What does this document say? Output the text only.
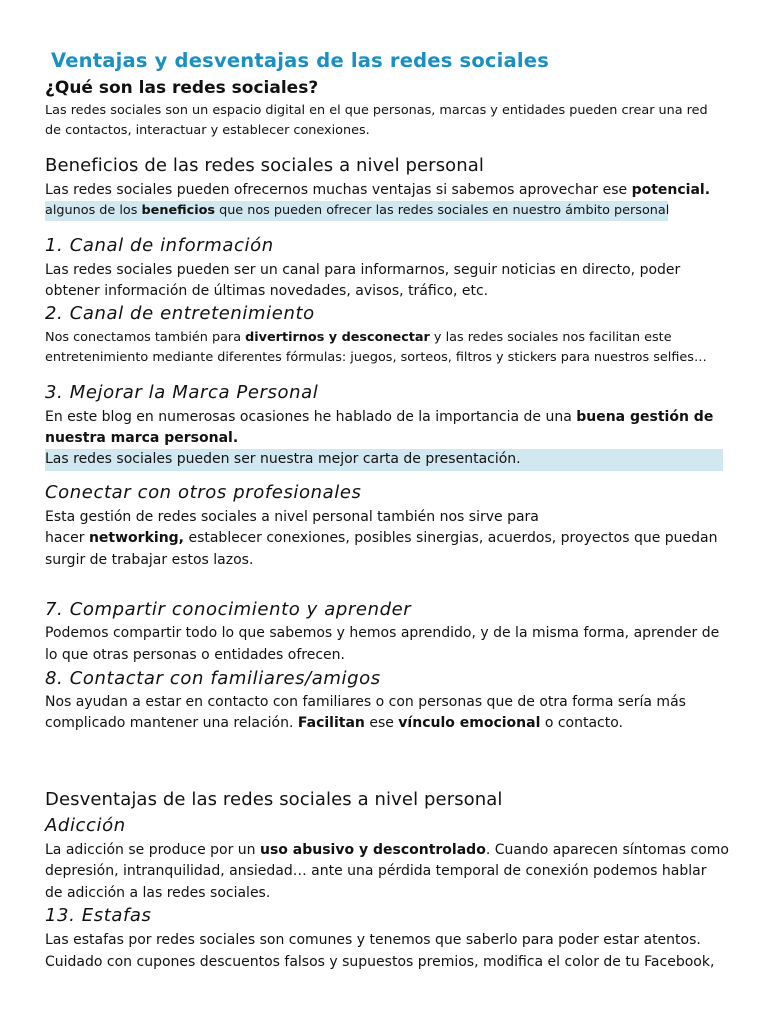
Ventajas y desventajas de las redes sociales
¿Qué son las redes sociales?
Las redes sociales son un espacio digital en el que personas, marcas y entidades pueden crear una red
de contactos, interactuar y establecer conexiones.
Beneficios de las redes sociales a nivel personal
Las redes sociales pueden ofrecernos muchas ventajas si sabemos aprovechar ese potencial.
algunos de los beneficios que nos pueden ofrecer las redes sociales en nuestro ámbito personal
1. Canal de información
Las redes sociales pueden ser un canal para informarnos, seguir noticias en directo, poder
obtener información de últimas novedades, avisos, tráfico, etc.
2. Canal de entretenimiento
Nos conectamos también para divertirnos y desconectar y las redes sociales nos facilitan este
entretenimiento mediante diferentes fórmulas: juegos, sorteos, filtros y stickers para nuestros selfies…
3. Mejorar la Marca Personal
En este blog en numerosas ocasiones he hablado de la importancia de una buena gestión de
nuestra marca personal.
Las redes sociales pueden ser nuestra mejor carta de presentación.
Conectar con otros profesionales
Esta gestión de redes sociales a nivel personal también nos sirve para
hacer networking, establecer conexiones, posibles sinergias, acuerdos, proyectos que puedan
surgir de trabajar estos lazos.
7. Compartir conocimiento y aprender
Podemos compartir todo lo que sabemos y hemos aprendido, y de la misma forma, aprender de
lo que otras personas o entidades ofrecen.
8. Contactar con familiares/amigos
Nos ayudan a estar en contacto con familiares o con personas que de otra forma sería más
complicado mantener una relación. Facilitan ese vínculo emocional o contacto.
Desventajas de las redes sociales a nivel personal
Adicción
La adicción se produce por un uso abusivo y descontrolado. Cuando aparecen síntomas como
depresión, intranquilidad, ansiedad… ante una pérdida temporal de conexión podemos hablar
de adicción a las redes sociales.
13. Estafas
Las estafas por redes sociales son comunes y tenemos que saberlo para poder estar atentos.
Cuidado con cupones descuentos falsos y supuestos premios, modifica el color de tu Facebook,
